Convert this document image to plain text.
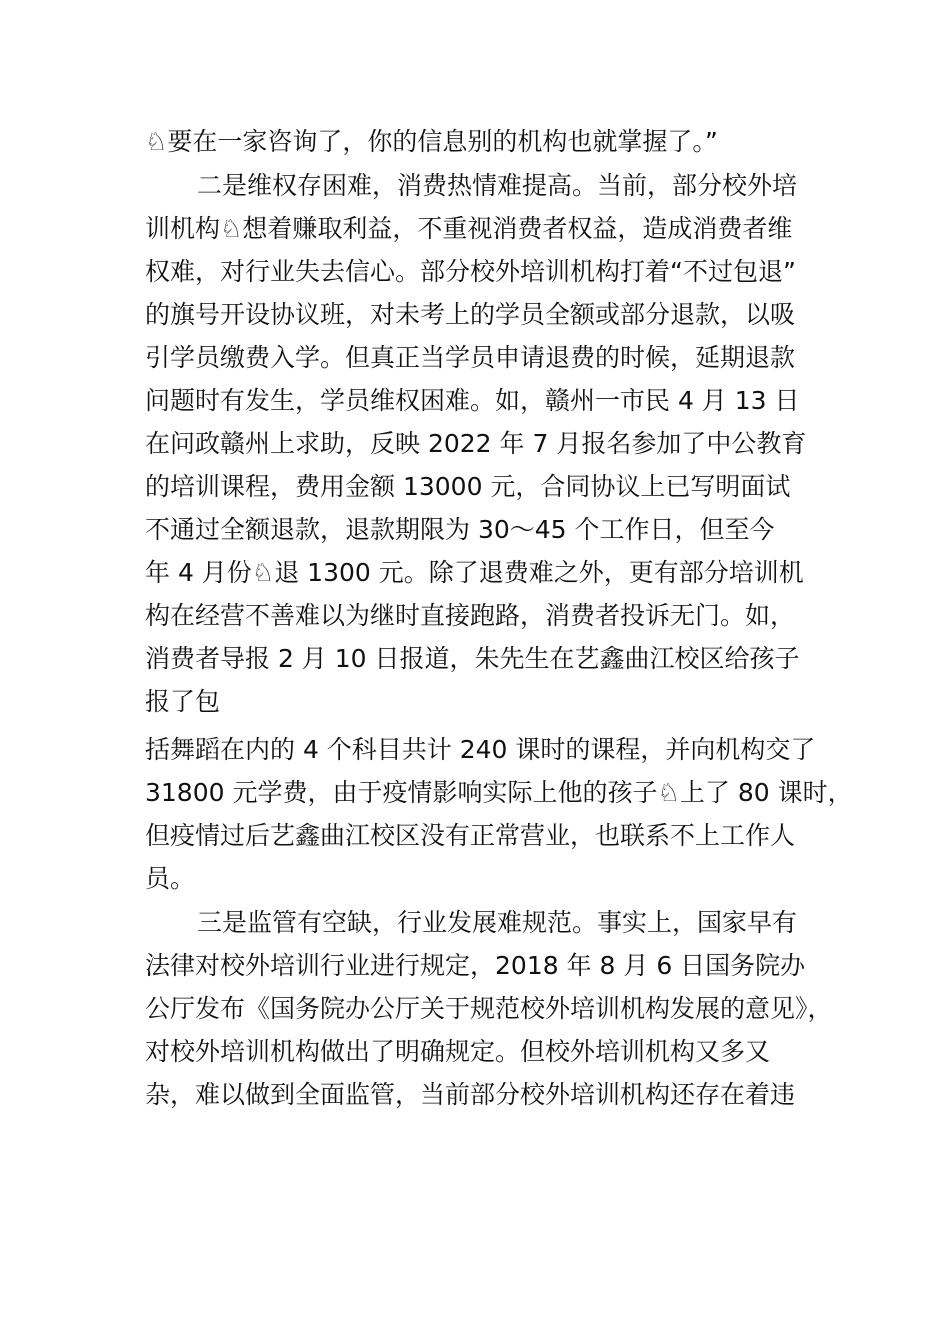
♘要在一家咨询了，你的信息别的机构也就掌握了。”
二是维权存困难，消费热情难提高。当前，部分校外培
训机构♘想着赚取利益，不重视消费者权益，造成消费者维
权难，对行业失去信心。部分校外培训机构打着“不过包退”
的旗号开设协议班，对未考上的学员全额或部分退款，以吸
引学员缴费入学。但真正当学员申请退费的时候，延期退款
问题时有发生，学员维权困难。如，赣州一市民 4 月 13 日
在问政赣州上求助，反映 2022 年 7 月报名参加了中公教育
的培训课程，费用金额 13000 元，合同协议上已写明面试
不通过全额退款，退款期限为 30～45 个工作日，但至今
年 4 月份♘退 1300 元。除了退费难之外，更有部分培训机
构在经营不善难以为继时直接跑路，消费者投诉无门。如，
消费者导报 2 月 10 日报道，朱先生在艺鑫曲江校区给孩子
报了包
括舞蹈在内的 4 个科目共计 240 课时的课程，并向机构交了
31800 元学费，由于疫情影响实际上他的孩子♘上了 80 课时，
但疫情过后艺鑫曲江校区没有正常营业，也联系不上工作人
员。
三是监管有空缺，行业发展难规范。事实上，国家早有
法律对校外培训行业进行规定，2018 年 8 月 6 日国务院办
公厅发布《国务院办公厅关于规范校外培训机构发展的意见》，
对校外培训机构做出了明确规定。但校外培训机构又多又
杂，难以做到全面监管，当前部分校外培训机构还存在着违
